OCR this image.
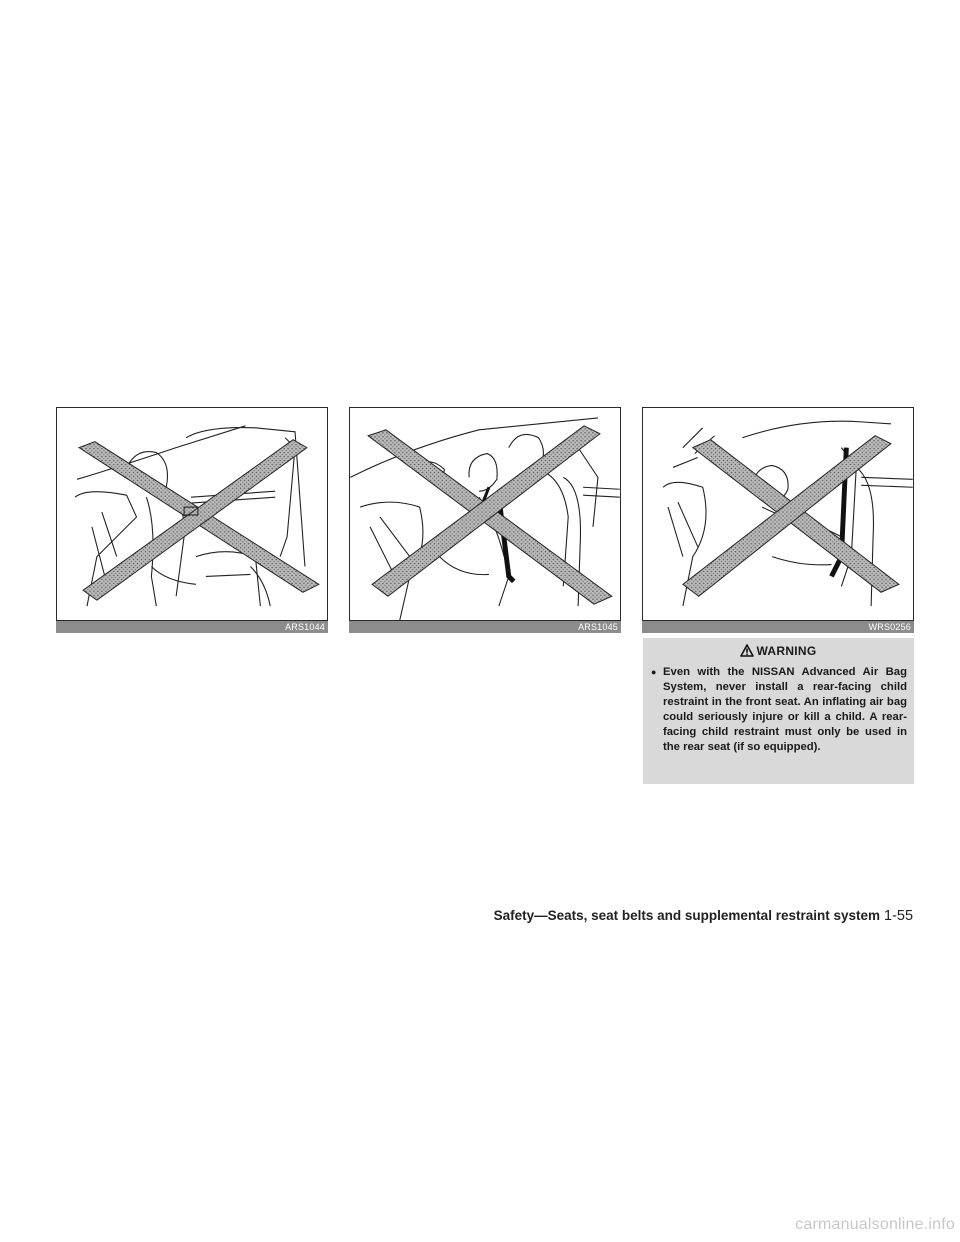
ARS1044	ARS1045	WRS0256
WARNING
● Even with the NISSAN Advanced Air Bag System, never install a rear-facing child restraint in the front seat. An inflating air bag could seriously injure or kill a child. A rear-facing child restraint must only be used in the rear seat (if so equipped).
Safety—Seats, seat belts and supplemental restraint system 1-55
carmanualsonline.info
